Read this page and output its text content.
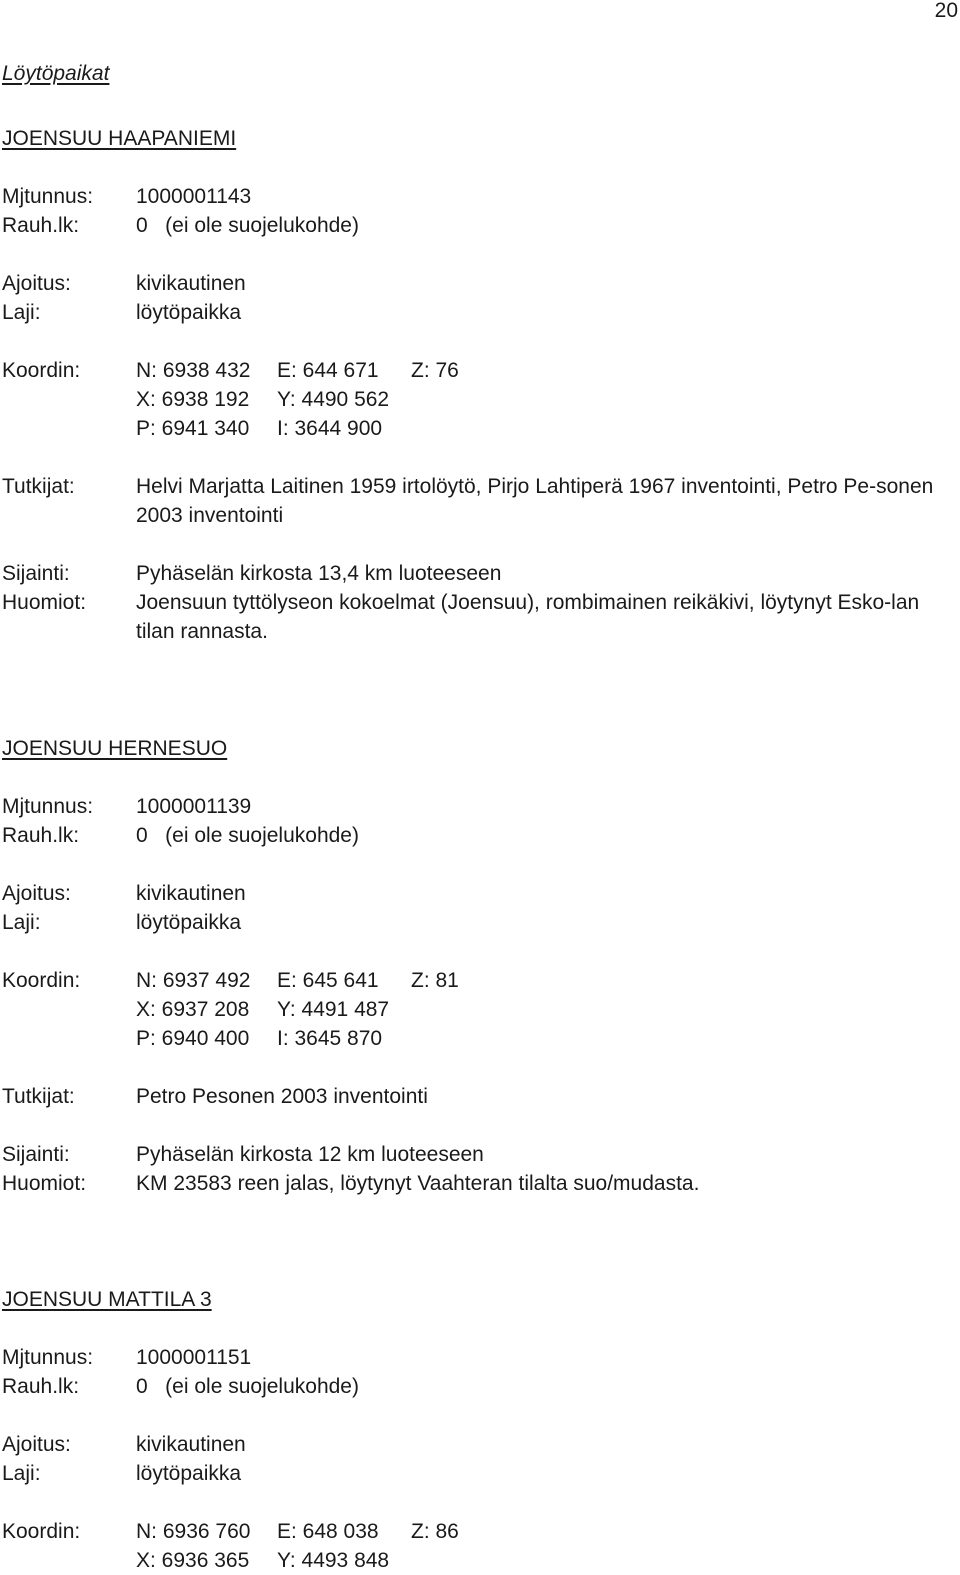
20
Löytöpaikat
JOENSUU HAAPANIEMI
Mjtunnus:	1000001143
Rauh.lk:	0   (ei ole suojelukohde)
Ajoitus:	kivikautinen
Laji:	löytöpaikka
Koordin:	N: 6938 432	E: 644 671	Z: 76
X: 6938 192	Y: 4490 562
P: 6941 340	I: 3644 900
Tutkijat:	Helvi Marjatta Laitinen 1959 irtolöytö, Pirjo Lahtiperä 1967 inventointi, Petro Pe-sonen 2003 inventointi
Sijainti:	Pyhäselän kirkosta 13,4 km luoteeseen
Huomiot:	Joensuun tyttölyseon kokoelmat (Joensuu), rombimainen reikäkivi, löytynyt Esko-lan tilan rannasta.
JOENSUU HERNESUO
Mjtunnus:	1000001139
Rauh.lk:	0   (ei ole suojelukohde)
Ajoitus:	kivikautinen
Laji:	löytöpaikka
Koordin:	N: 6937 492	E: 645 641	Z: 81
X: 6937 208	Y: 4491 487
P: 6940 400	I: 3645 870
Tutkijat:	Petro Pesonen 2003 inventointi
Sijainti:	Pyhäselän kirkosta 12 km luoteeseen
Huomiot:	KM 23583 reen jalas, löytynyt Vaahteran tilalta suo/mudasta.
JOENSUU MATTILA 3
Mjtunnus:	1000001151
Rauh.lk:	0   (ei ole suojelukohde)
Ajoitus:	kivikautinen
Laji:	löytöpaikka
Koordin:	N: 6936 760	E: 648 038	Z: 86
X: 6936 365	Y: 4493 848
